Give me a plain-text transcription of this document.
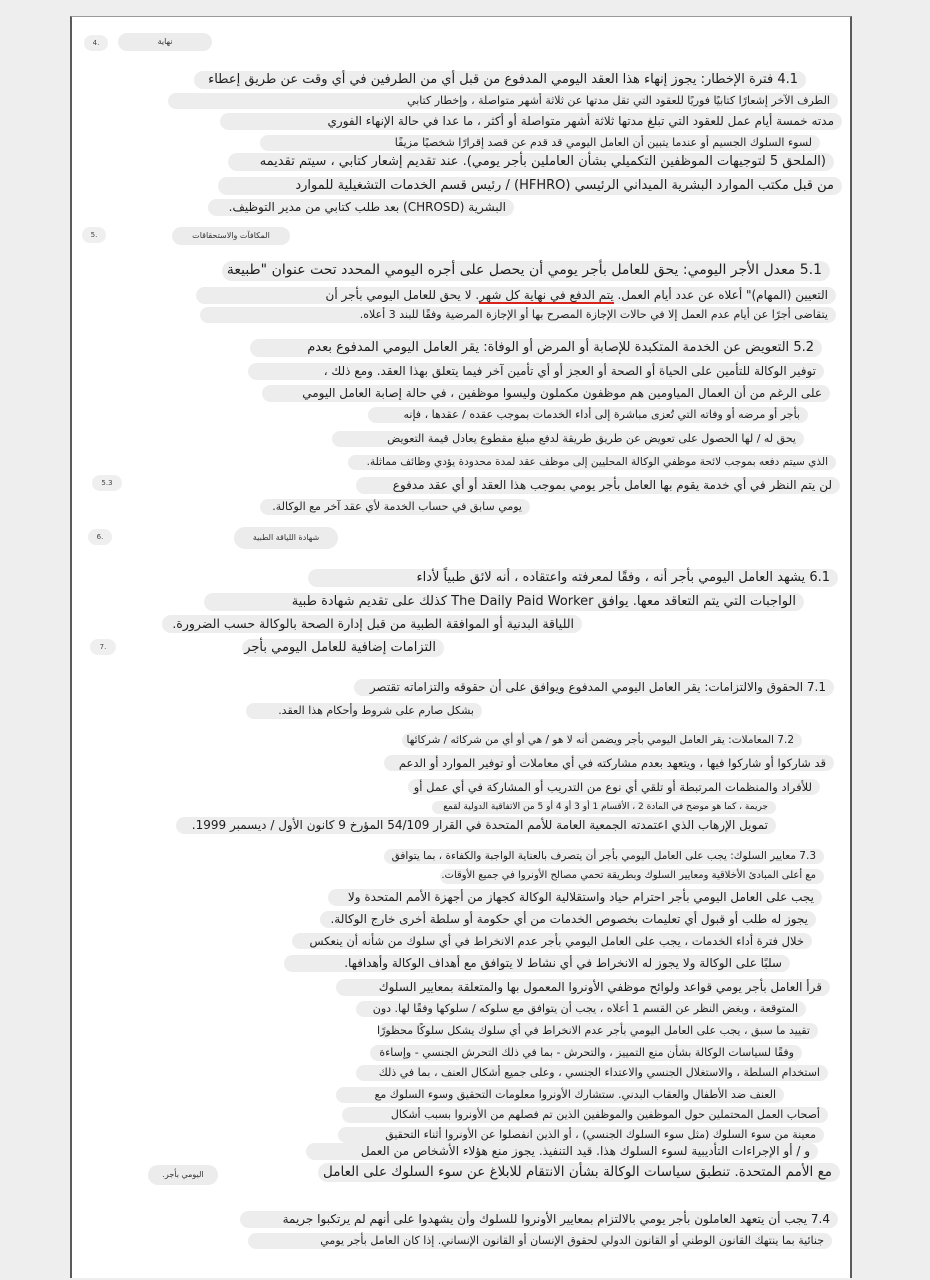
4.	نهاية
4.1 فترة الإخطار: يجوز إنهاء هذا العقد اليومي المدفوع من قبل أي من الطرفين في أي وقت عن طريق إعطاء
الطرف الآخر إشعارًا كتابيًا فوريًا للعقود التي تقل مدتها عن ثلاثة أشهر متواصلة ، وإخطار كتابي
مدته خمسة أيام عمل للعقود التي تبلغ مدتها ثلاثة أشهر متواصلة أو أكثر ، ما عدا في حالة الإنهاء الفوري
لسوء السلوك الجسيم أو عندما يتبين أن العامل اليومي قد قدم عن قصد إقرارًا شخصيًا مزيفًا
(الملحق 5 لتوجيهات الموظفين التكميلي بشأن العاملين بأجر يومي). عند تقديم إشعار كتابي ، سيتم تقديمه
من قبل مكتب الموارد البشرية الميداني الرئيسي (HFHRO) / رئيس قسم الخدمات التشغيلية للموارد
البشرية (CHROSD) بعد طلب كتابي من مدير التوظيف.
5.	المكافآت والاستحقاقات
5.1 معدل الأجر اليومي: يحق للعامل بأجر يومي أن يحصل على أجره اليومي المحدد تحت عنوان "طبيعة
التعيين (المهام)" أعلاه عن عدد أيام العمل. يتم الدفع في نهاية كل شهر. لا يحق للعامل اليومي بأجر أن
يتقاضى أجرًا عن أيام عدم العمل إلا في حالات الإجازة المصرح بها أو الإجازة المرضية وفقًا للبند 3 أعلاه.
5.2 التعويض عن الخدمة المتكبدة للإصابة أو المرض أو الوفاة: يقر العامل اليومي المدفوع بعدم
توفير الوكالة للتأمين على الحياة أو الصحة أو العجز أو أي تأمين آخر فيما يتعلق بهذا العقد. ومع ذلك ،
على الرغم من أن العمال المياومين هم موظفون مكملون وليسوا موظفين ، في حالة إصابة العامل اليومي
بأجر أو مرضه أو وفاته التي تُعزى مباشرة إلى أداء الخدمات بموجب عقده / عقدها ، فإنه
يحق له / لها الحصول على تعويض عن طريق طريقة لدفع مبلغ مقطوع يعادل قيمة التعويض
الذي سيتم دفعه بموجب لائحة موظفي الوكالة المحليين إلى موظف عقد لمدة محدودة يؤدي وظائف مماثلة.
5.3	لن يتم النظر في أي خدمة يقوم بها العامل بأجر يومي بموجب هذا العقد أو أي عقد مدفوع
يومي سابق في حساب الخدمة لأي عقد آخر مع الوكالة.
6.	شهادة اللياقة الطبية
6.1 يشهد العامل اليومي بأجر أنه ، وفقًا لمعرفته واعتقاده ، أنه لائق طبياً لأداء
الواجبات التي يتم التعاقد معها. يوافق The Daily Paid Worker كذلك على تقديم شهادة طبية
اللياقة البدنية أو الموافقة الطبية من قبل إدارة الصحة بالوكالة حسب الضرورة.
7.	التزامات إضافية للعامل اليومي بأجر
7.1 الحقوق والالتزامات: يقر العامل اليومي المدفوع ويوافق على أن حقوقه والتزاماته تقتصر
بشكل صارم على شروط وأحكام هذا العقد.
7.2 المعاملات: يقر العامل اليومي بأجر ويضمن أنه لا هو / هي أو أي من شركائه / شركائها
قد شاركوا أو شاركوا فيها ، ويتعهد بعدم مشاركته في أي معاملات أو توفير الموارد أو الدعم
للأفراد والمنظمات المرتبطة أو تلقي أي نوع من التدريب أو المشاركة في أي عمل أو
جريمة ، كما هو موضح في المادة 2 ، الأقسام 1 أو 3 أو 4 أو 5 من الاتفاقية الدولية لقمع
تمويل الإرهاب الذي اعتمدته الجمعية العامة للأمم المتحدة في القرار 54/109 المؤرخ 9 كانون الأول / ديسمبر 1999.
7.3 معايير السلوك: يجب على العامل اليومي بأجر أن يتصرف بالعناية الواجبة والكفاءة ، بما يتوافق
مع أعلى المبادئ الأخلاقية ومعايير السلوك وبطريقة تحمي مصالح الأونروا في جميع الأوقات.
يجب على العامل اليومي بأجر احترام حياد واستقلالية الوكالة كجهاز من أجهزة الأمم المتحدة ولا
يجوز له طلب أو قبول أي تعليمات بخصوص الخدمات من أي حكومة أو سلطة أخرى خارج الوكالة.
خلال فترة أداء الخدمات ، يجب على العامل اليومي بأجر عدم الانخراط في أي سلوك من شأنه أن ينعكس
سلبًا على الوكالة ولا يجوز له الانخراط في أي نشاط لا يتوافق مع أهداف الوكالة وأهدافها.
قرأ العامل بأجر يومي قواعد ولوائح موظفي الأونروا المعمول بها والمتعلقة بمعايير السلوك
المتوقعة ، وبغض النظر عن القسم 1 أعلاه ، يجب أن يتوافق مع سلوكه / سلوكها وفقًا لها. دون
تقييد ما سبق ، يجب على العامل اليومي بأجر عدم الانخراط في أي سلوك يشكل سلوكًا محظورًا
وفقًا لسياسات الوكالة بشأن منع التمييز ، والتحرش - بما في ذلك التحرش الجنسي - وإساءة
استخدام السلطة ، والاستغلال الجنسي والاعتداء الجنسي ، وعلى جميع أشكال العنف ، بما في ذلك
العنف ضد الأطفال والعقاب البدني. ستشارك الأونروا معلومات التحقيق وسوء السلوك مع
أصحاب العمل المحتملين حول الموظفين والموظفين الذين تم فصلهم من الأونروا بسبب أشكال
معينة من سوء السلوك (مثل سوء السلوك الجنسي) ، أو الذين انفصلوا عن الأونروا أثناء التحقيق
و / أو الإجراءات التأديبية لسوء السلوك هذا. قيد التنفيذ. يجوز منع هؤلاء الأشخاص من العمل
مع الأمم المتحدة. تنطبق سياسات الوكالة بشأن الانتقام للابلاغ عن سوء السلوك على العامل
اليومي بأجر.
7.4 يجب أن يتعهد العاملون بأجر يومي بالالتزام بمعايير الأونروا للسلوك وأن يشهدوا على أنهم لم يرتكبوا جريمة
جنائية بما ينتهك القانون الوطني أو القانون الدولي لحقوق الإنسان أو القانون الإنساني. إذا كان العامل بأجر يومي
